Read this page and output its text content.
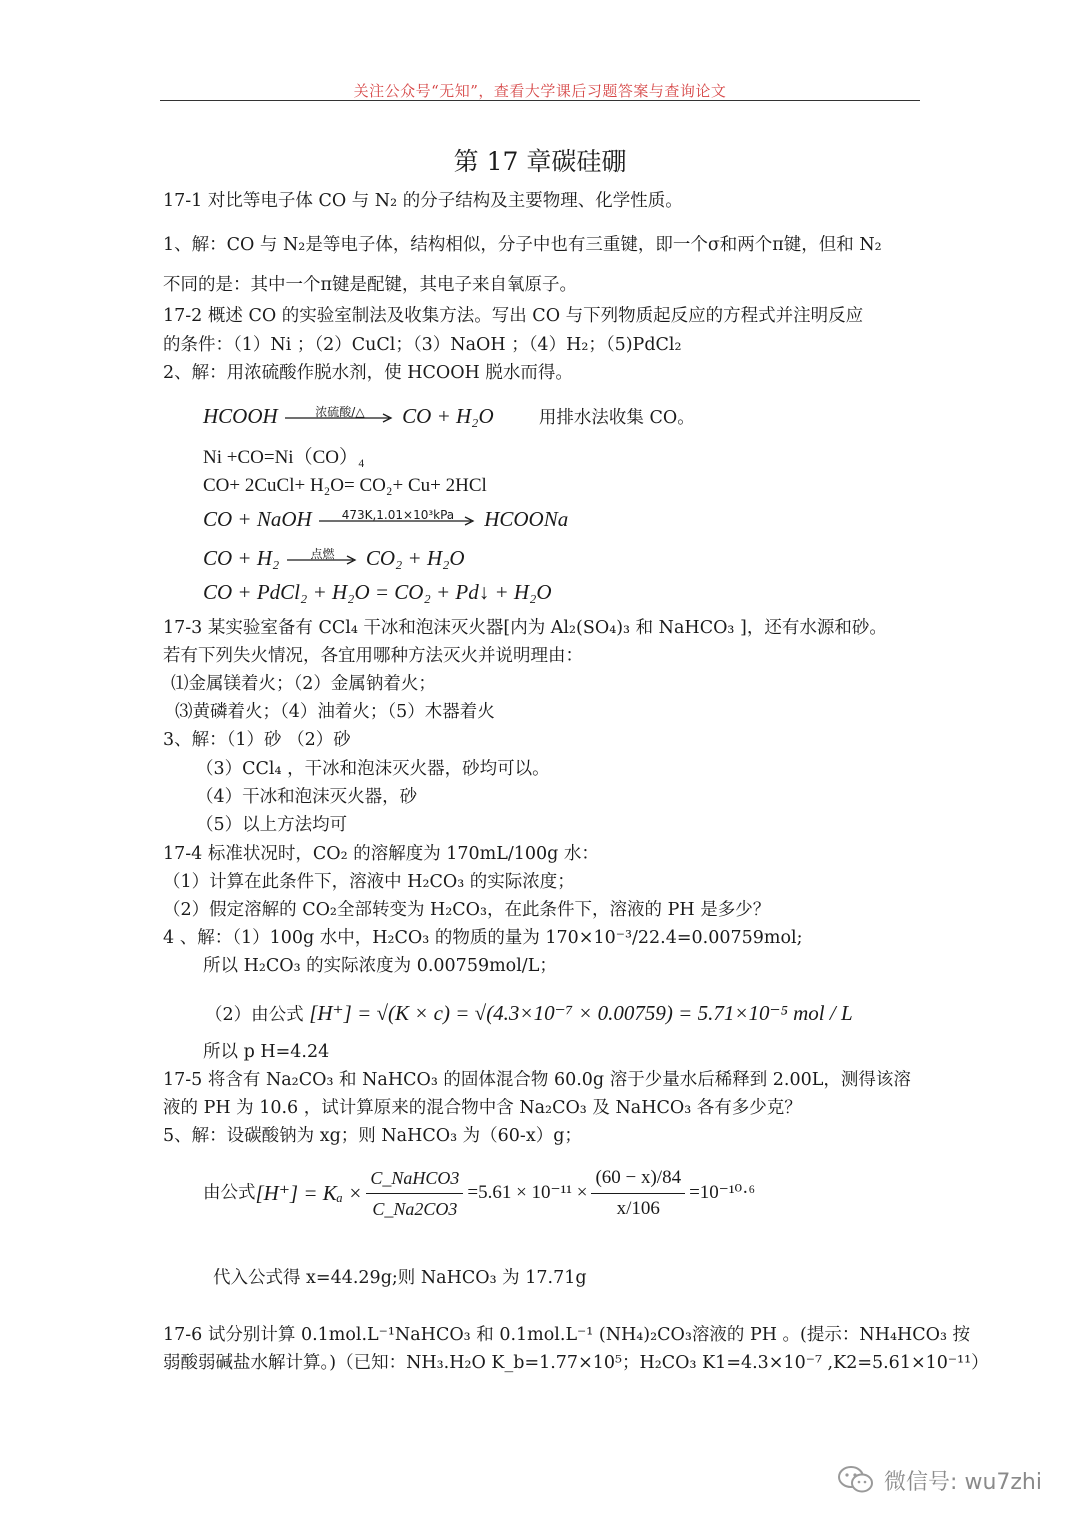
关注公众号“无知”，查看大学课后习题答案与查询论文
第 17 章碳硅硼
17-1 对比等电子体 CO 与 N₂ 的分子结构及主要物理、化学性质。
1、解：CO 与 N₂是等电子体，结构相似，分子中也有三重键，即一个σ和两个π键，但和 N₂
不同的是：其中一个π键是配键，其电子来自氧原子。
17-2 概述 CO 的实验室制法及收集方法。写出 CO 与下列物质起反应的方程式并注明反应
的条件：（1）Ni ；（2）CuCl；（3）NaOH ；（4）H₂；（5)PdCl₂
2、解：用浓硫酸作脱水剂，使 HCOOH 脱水而得。
HCOOH	浓硫酸/△	CO + H₂O	用排水法收集 CO。
Ni +CO=Ni（CO）₄
CO+ 2CuCl+ H₂O= CO₂+ Cu+ 2HCl
CO + NaOH	473K,1.01×10³kPa	HCOONa
CO + H₂	点燃	CO₂ + H₂O
CO + PdCl₂ + H₂O = CO₂ + Pd↓ + H₂O
17-3 某实验室备有 CCl₄ 干冰和泡沫灭火器[内为 Al₂(SO₄)₃ 和 NaHCO₃ ]，还有水源和砂。
若有下列失火情况，各宜用哪种方法灭火并说明理由：
⑴金属镁着火；（2）金属钠着火；
⑶黄磷着火；（4）油着火；（5）木器着火
3、解：（1）砂 （2）砂
（3）CCl₄ ，干冰和泡沫灭火器，砂均可以。
（4）干冰和泡沫灭火器，砂
（5）以上方法均可
17-4 标准状况时，CO₂ 的溶解度为 170mL/100g 水：
（1）计算在此条件下，溶液中 H₂CO₃ 的实际浓度；
（2）假定溶解的 CO₂全部转变为 H₂CO₃，在此条件下，溶液的 PH 是多少？
4 、解：（1）100g 水中，H₂CO₃ 的物质的量为 170×10⁻³/22.4=0.00759mol;
所以 H₂CO₃ 的实际浓度为 0.00759mol/L；
（2）由公式 [H⁺] = √(K × c) = √(4.3×10⁻⁷ × 0.00759) = 5.71×10⁻⁵ mol / L
所以 p H=4.24
17-5 将含有 Na₂CO₃ 和 NaHCO₃ 的固体混合物 60.0g 溶于少量水后稀释到 2.00L，测得该溶
液的 PH 为 10.6 ，试计算原来的混合物中含 Na₂CO₃ 及 NaHCO₃ 各有多少克？
5、解：设碳酸钠为 xg；则 NaHCO₃ 为（60-x）g；
由公式 $[H^+] = K_a \times \frac{\text{C\_NaHCO3}}{C\_Na2CO3} =5.61 \times 10^{-11} \times \frac{(60 - x)/84}{x/106} =10^{-10}\cdot^6$
代入公式得 x=44.29g;则 NaHCO₃ 为 17.71g
17-6 试分别计算 0.1mol.L⁻¹NaHCO₃ 和 0.1mol.L⁻¹ (NH₄)₂CO₃溶液的 PH 。(提示：NH₄HCO₃ 按
弱酸弱碱盐水解计算。)（已知：NH₃.H₂O K_b=1.77×10⁵；H₂CO₃ K1=4.3×10⁻⁷ ,K2=5.61×10⁻¹¹）
微信号: wu7zhi
